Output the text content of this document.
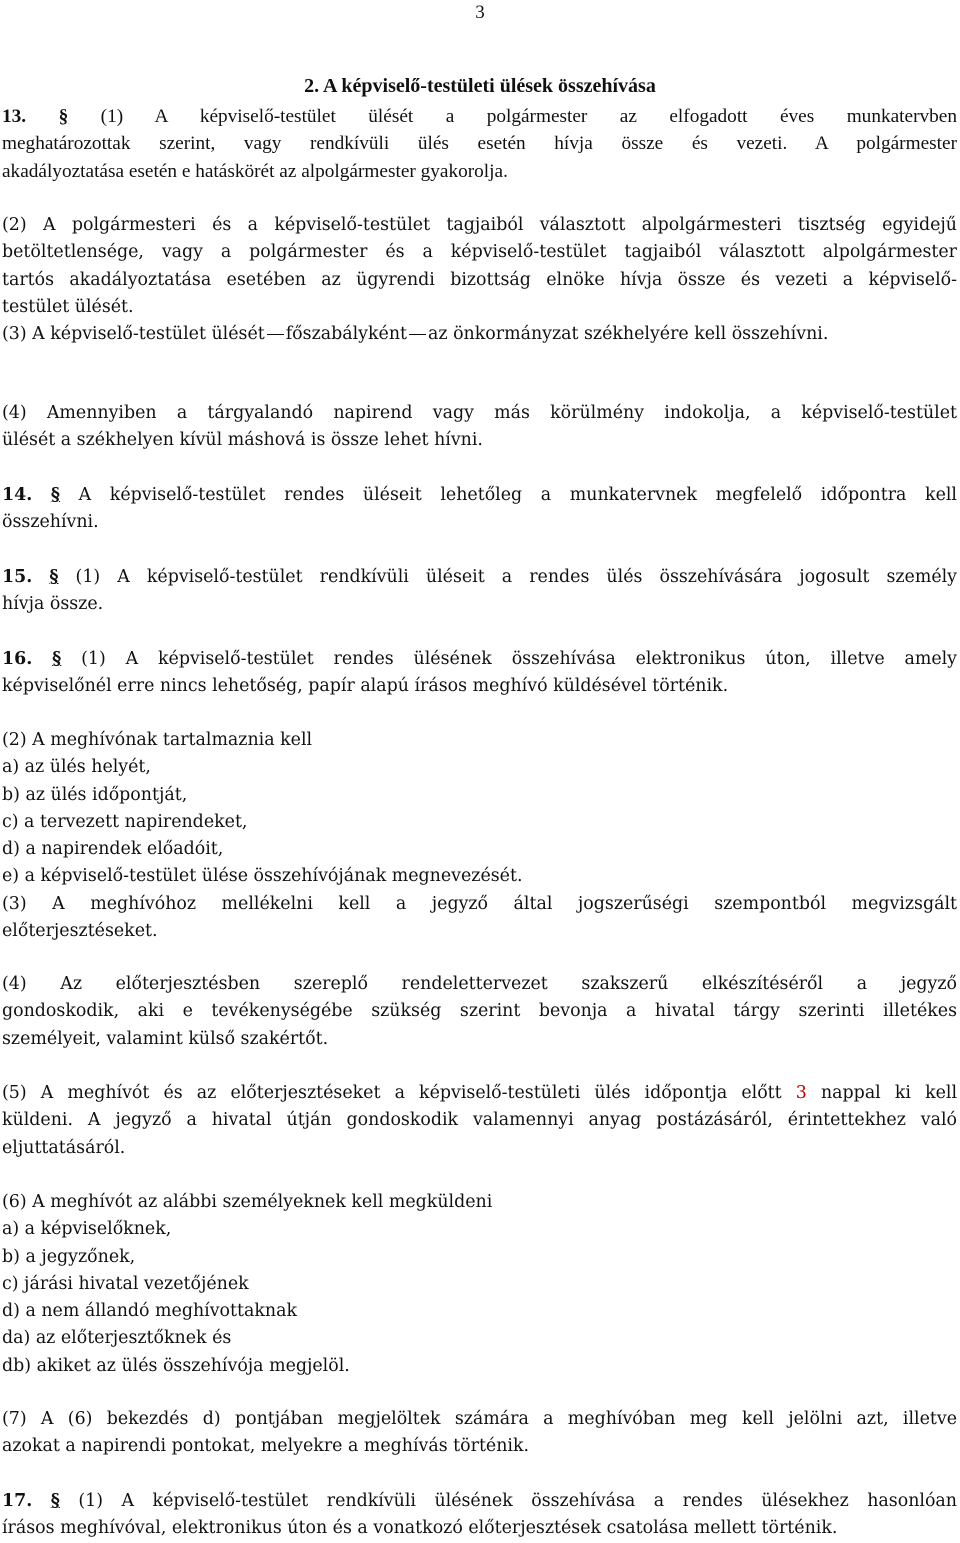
3
2. A képviselő-testületi ülések összehívása
13. § (1) A képviselő-testület ülését a polgármester az elfogadott éves munkatervben
meghatározottak szerint, vagy rendkívüli ülés esetén hívja össze és vezeti. A polgármester
akadályoztatása esetén e hatáskörét az alpolgármester gyakorolja.
(2) A polgármesteri és a képviselő-testület tagjaiból választott alpolgármesteri tisztség egyidejű
betöltetlensége, vagy a polgármester és a képviselő-testület tagjaiból választott alpolgármester
tartós akadályoztatása esetében az ügyrendi bizottság elnöke hívja össze és vezeti a képviselő-
testület ülését.
(3) A képviselő-testület ülését főszabályként az önkormányzat székhelyére kell összehívni.
(4) Amennyiben a tárgyalandó napirend vagy más körülmény indokolja, a képviselő-testület
ülését a székhelyen kívül máshová is össze lehet hívni.
14. § A képviselő-testület rendes üléseit lehetőleg a munkatervnek megfelelő időpontra kell
összehívni.
15. § (1) A képviselő-testület rendkívüli üléseit a rendes ülés összehívására jogosult személy
hívja össze.
16. § (1) A képviselő-testület rendes ülésének összehívása elektronikus úton, illetve amely
képviselőnél erre nincs lehetőség, papír alapú írásos meghívó küldésével történik.
(2) A meghívónak tartalmaznia kell
a) az ülés helyét,
b) az ülés időpontját,
c) a tervezett napirendeket,
d) a napirendek előadóit,
e) a képviselő-testület ülése összehívójának megnevezését.
(3) A meghívóhoz mellékelni kell a jegyző által jogszerűségi szempontból megvizsgált
előterjesztéseket.
(4) Az előterjesztésben szereplő rendelettervezet szakszerű elkészítéséről a jegyző
gondoskodik, aki e tevékenységébe szükség szerint bevonja a hivatal tárgy szerinti illetékes
személyeit, valamint külső szakértőt.
(5) A meghívót és az előterjesztéseket a képviselő-testületi ülés időpontja előtt 3 nappal ki kell
küldeni. A jegyző a hivatal útján gondoskodik valamennyi anyag postázásáról, érintettekhez való
eljuttatásáról.
(6) A meghívót az alábbi személyeknek kell megküldeni
a) a képviselőknek,
b) a jegyzőnek,
c) járási hivatal vezetőjének
d) a nem állandó meghívottaknak
da) az előterjesztőknek és
db) akiket az ülés összehívója megjelöl.
(7) A (6) bekezdés d) pontjában megjelöltek számára a meghívóban meg kell jelölni azt, illetve
azokat a napirendi pontokat, melyekre a meghívás történik.
17. § (1) A képviselő-testület rendkívüli ülésének összehívása a rendes ülésekhez hasonlóan
írásos meghívóval, elektronikus úton és a vonatkozó előterjesztések csatolása mellett történik.
